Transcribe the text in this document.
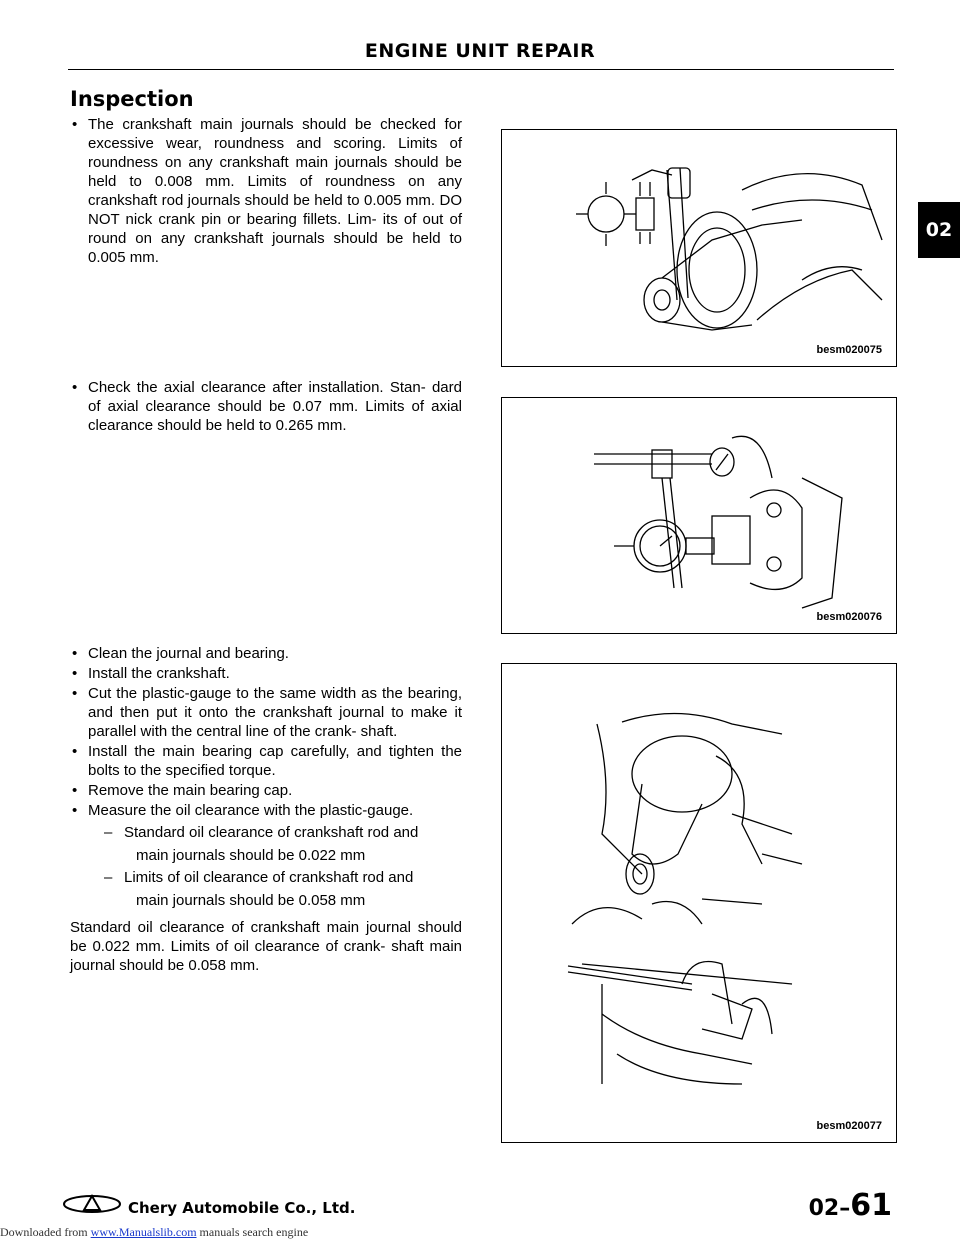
ENGINE UNIT REPAIR
02
Inspection
• The crankshaft main journals should be checked for excessive wear, roundness and scoring. Limits of roundness on any crankshaft main journals should be held to 0.008 mm. Limits of roundness on any crankshaft rod journals should be held to 0.005 mm. DO NOT nick crank pin or bearing fillets. Lim- its of out of round on any crankshaft journals should be held to 0.005 mm.
• Check the axial clearance after installation. Stan- dard of axial clearance should be 0.07 mm. Limits of axial clearance should be held to 0.265 mm.
• Clean the journal and bearing.
• Install the crankshaft.
• Cut the plastic-gauge to the same width as the bearing, and then put it onto the crankshaft journal to make it parallel with the central line of the crank- shaft.
• Install the main bearing cap carefully, and tighten the bolts to the specified torque.
• Remove the main bearing cap.
• Measure the oil clearance with the plastic-gauge.
– Standard oil clearance of crankshaft rod and
main journals should be 0.022 mm
– Limits of oil clearance of crankshaft rod and
main journals should be 0.058 mm
Standard oil clearance of crankshaft main journal should be 0.022 mm. Limits of oil clearance of crank- shaft main journal should be 0.058 mm.
besm020075
besm020076
besm020077
Chery Automobile Co., Ltd.	02–61
Downloaded from www.Manualslib.com manuals search engine
